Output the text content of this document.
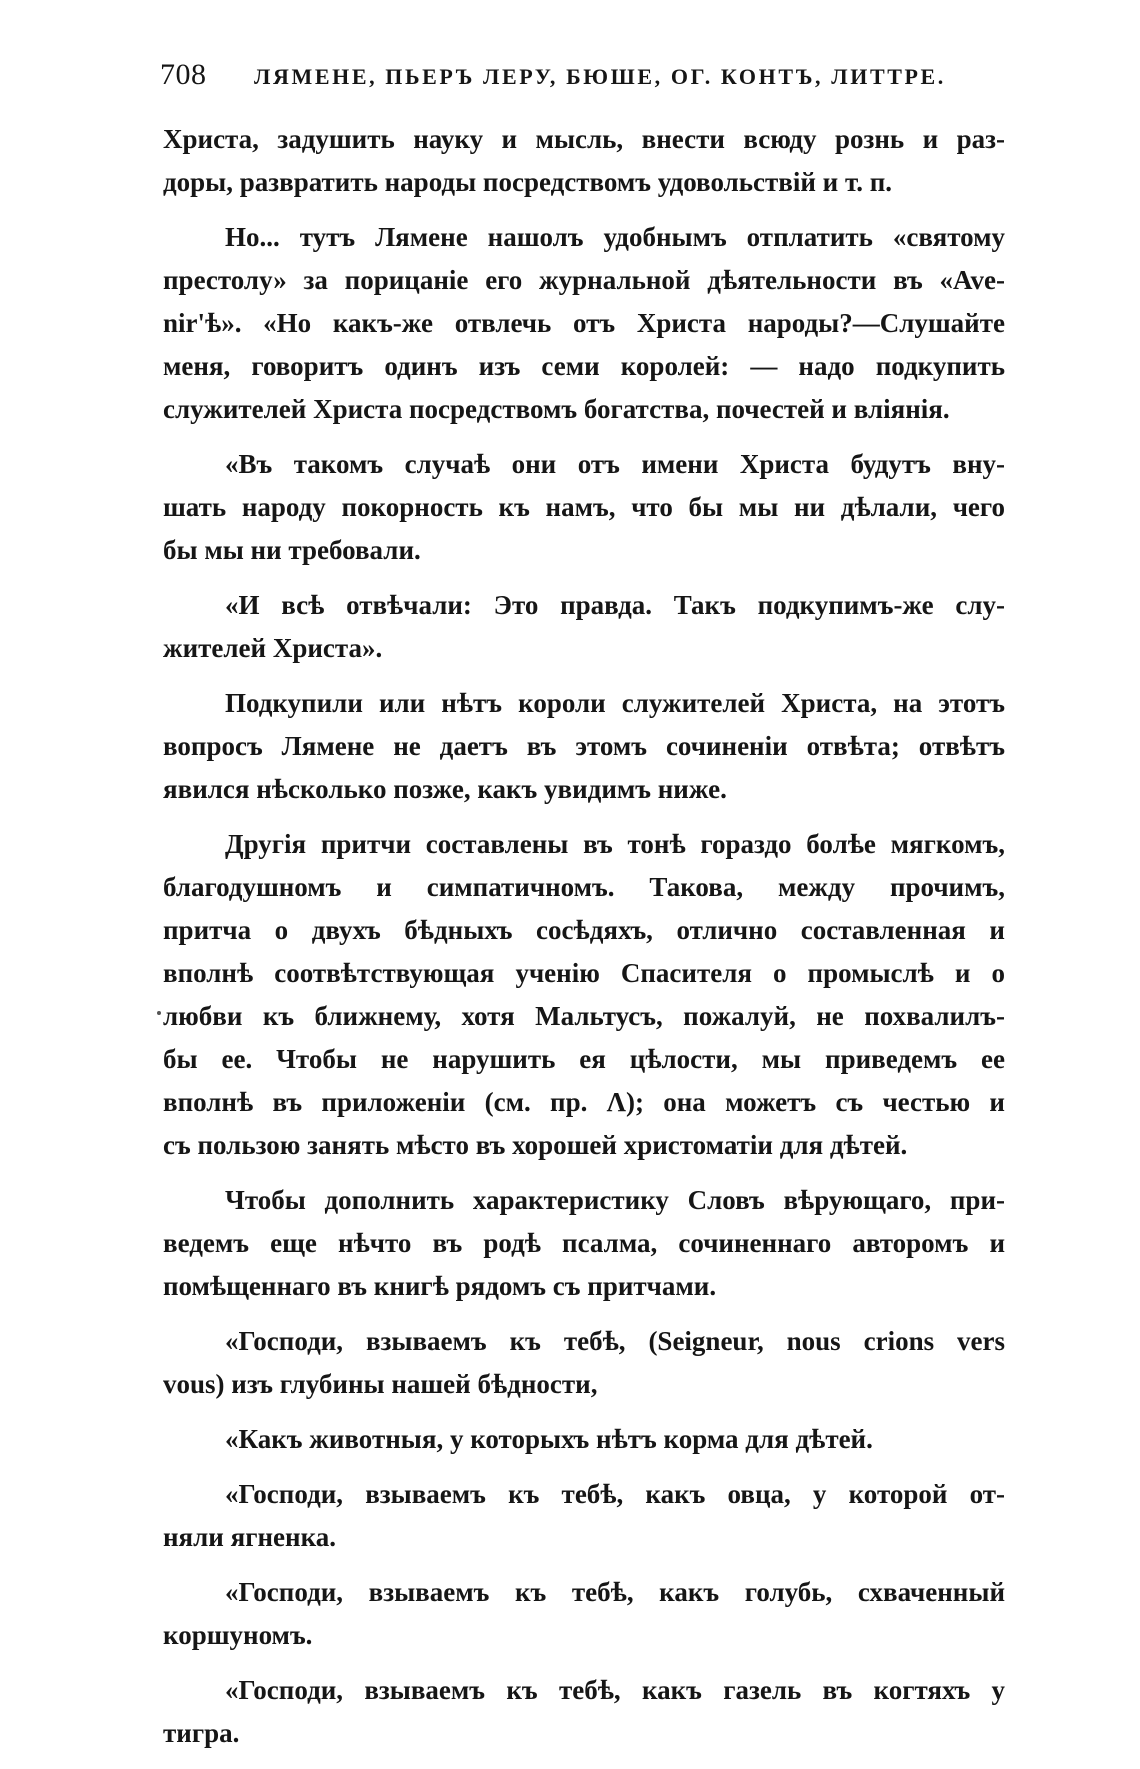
708 ЛЯМЕНЕ, ПЬЕРЪ ЛЕРУ, БЮШЕ, ОГ. КОНТЪ, ЛИТТРЕ.
Христа, задушить науку и мысль, внести всюду рознь и раз-
доры, развратить народы посредствомъ удовольствій и т. п.
Но... тутъ Лямене нашолъ удобнымъ отплатить «святому
престолу» за порицаніе его журнальной дѣятельности въ «Ave-
nir'ѣ». «Но какъ-же отвлечь отъ Христа народы?—Слушайте
меня, говоритъ одинъ изъ семи королей: — надо подкупить
служителей Христа посредствомъ богатства, почестей и вліянія.
«Въ такомъ случаѣ они отъ имени Христа будутъ вну-
шать народу покорность къ намъ, что бы мы ни дѣлали, чего
бы мы ни требовали.
«И всѣ отвѣчали: Это правда. Такъ подкупимъ-же слу-
жителей Христа».
Подкупили или нѣтъ короли служителей Христа, на этотъ
вопросъ Лямене не даетъ въ этомъ сочиненіи отвѣта; отвѣтъ
явился нѣсколько позже, какъ увидимъ ниже.
Другія притчи составлены въ тонѣ гораздо болѣе мягкомъ,
благодушномъ и симпатичномъ. Такова, между прочимъ,
притча о двухъ бѣдныхъ сосѣдяхъ, отлично составленная и
вполнѣ соотвѣтствующая ученію Спасителя о промыслѣ и о
любви къ ближнему, хотя Мальтусъ, пожалуй, не похвалилъ-
бы ее. Чтобы не нарушить ея цѣлости, мы приведемъ ее
вполнѣ въ приложеніи (см. пр. Λ); она можетъ съ честью и
съ пользою занять мѣсто въ хорошей христоматіи для дѣтей.
Чтобы дополнить характеристику Словъ вѣрующаго, при-
ведемъ еще нѣчто въ родѣ псалма, сочиненнаго авторомъ и
помѣщеннаго въ книгѣ рядомъ съ притчами.
«Господи, взываемъ къ тебѣ, (Seigneur, nous crions vers
vous) изъ глубины нашей бѣдности,
«Какъ животныя, у которыхъ нѣтъ корма для дѣтей.
«Господи, взываемъ къ тебѣ, какъ овца, у которой от-
няли ягненка.
«Господи, взываемъ къ тебѣ, какъ голубь, схваченный
коршуномъ.
«Господи, взываемъ къ тебѣ, какъ газель въ когтяхъ у
тигра.
